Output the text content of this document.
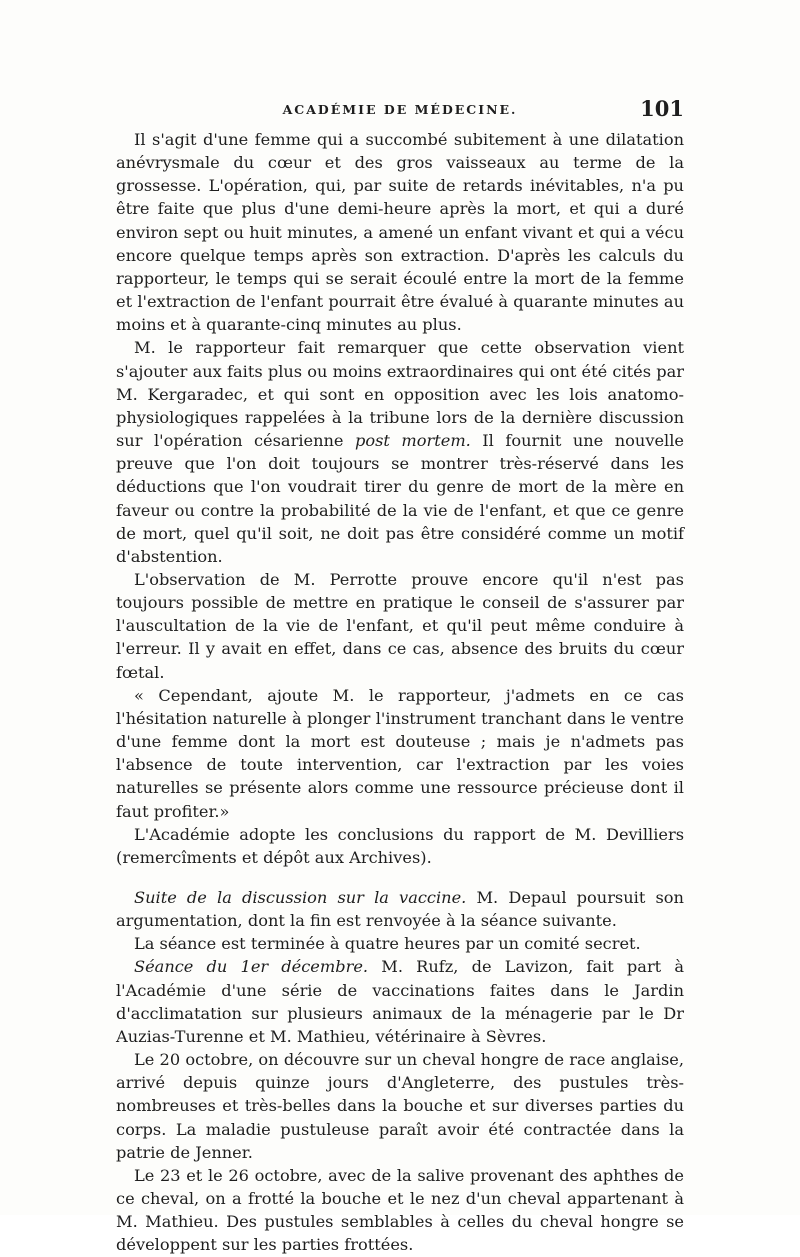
ACADÉMIE DE MÉDECINE.	101

Il s'agit d'une femme qui a succombé subitement à une dilatation anévrysmale du cœur et des gros vaisseaux au terme de la grossesse. L'opération, qui, par suite de retards inévitables, n'a pu être faite que plus d'une demi-heure après la mort, et qui a duré environ sept ou huit minutes, a amené un enfant vivant et qui a vécu encore quelque temps après son extraction. D'après les calculs du rapporteur, le temps qui se serait écoulé entre la mort de la femme et l'extraction de l'enfant pourrait être évalué à quarante minutes au moins et à quarante-cinq minutes au plus.

M. le rapporteur fait remarquer que cette observation vient s'ajouter aux faits plus ou moins extraordinaires qui ont été cités par M. Kergaradec, et qui sont en opposition avec les lois anatomo-physiologiques rappelées à la tribune lors de la dernière discussion sur l'opération césarienne post mortem. Il fournit une nouvelle preuve que l'on doit toujours se montrer très-réservé dans les déductions que l'on voudrait tirer du genre de mort de la mère en faveur ou contre la probabilité de la vie de l'enfant, et que ce genre de mort, quel qu'il soit, ne doit pas être considéré comme un motif d'abstention.

L'observation de M. Perrotte prouve encore qu'il n'est pas toujours possible de mettre en pratique le conseil de s'assurer par l'auscultation de la vie de l'enfant, et qu'il peut même conduire à l'erreur. Il y avait en effet, dans ce cas, absence des bruits du cœur fœtal.

« Cependant, ajoute M. le rapporteur, j'admets en ce cas l'hésitation naturelle à plonger l'instrument tranchant dans le ventre d'une femme dont la mort est douteuse ; mais je n'admets pas l'absence de toute intervention, car l'extraction par les voies naturelles se présente alors comme une ressource précieuse dont il faut profiter.»

L'Académie adopte les conclusions du rapport de M. Devilliers (remercîments et dépôt aux Archives).

Suite de la discussion sur la vaccine. M. Depaul poursuit son argumentation, dont la fin est renvoyée à la séance suivante.

La séance est terminée à quatre heures par un comité secret.

Séance du 1er décembre. M. Rufz, de Lavizon, fait part à l'Académie d'une série de vaccinations faites dans le Jardin d'acclimatation sur plusieurs animaux de la ménagerie par le Dr Auzias-Turenne et M. Mathieu, vétérinaire à Sèvres.

Le 20 octobre, on découvre sur un cheval hongre de race anglaise, arrivé depuis quinze jours d'Angleterre, des pustules très-nombreuses et très-belles dans la bouche et sur diverses parties du corps. La maladie pustuleuse paraît avoir été contractée dans la patrie de Jenner.

Le 23 et le 26 octobre, avec de la salive provenant des aphthes de ce cheval, on a frotté la bouche et le nez d'un cheval appartenant à M. Mathieu. Des pustules semblables à celles du cheval hongre se développent sur les parties frottées.
